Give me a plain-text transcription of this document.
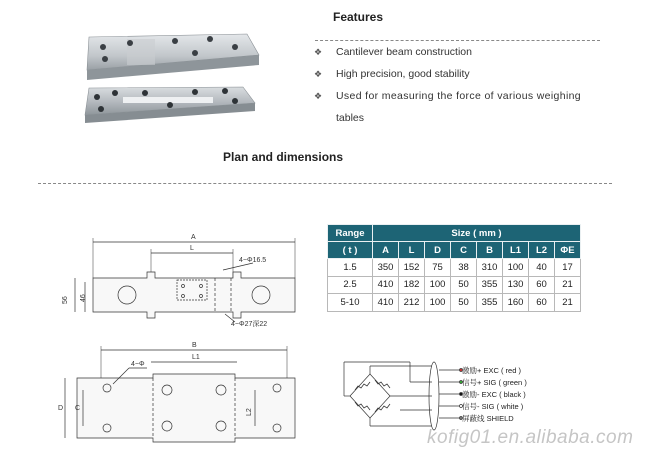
Features
❖ Cantilever beam construction
❖ High precision, good stability
❖ Used for measuring the force of various weighing
tables
Plan and dimensions
A
L
56 46
4−Φ16.5
4−Φ27深22
B
L1
D C	L2
4−Φ
Range	Size ( mm )							
( t )	A	L	D	C	B	L1	L2	ΦE
1.5	350	152	75	38	310	100	40	17
2.5	410	182	100	50	355	130	60	21
5-10	410	212	100	50	355	160	60	21
激励+ EXC ( red )
信号+ SIG ( green )
激励- EXC ( black )
信号- SIG ( white )
屏蔽线 SHIELD
kofig01.en.alibaba.com
